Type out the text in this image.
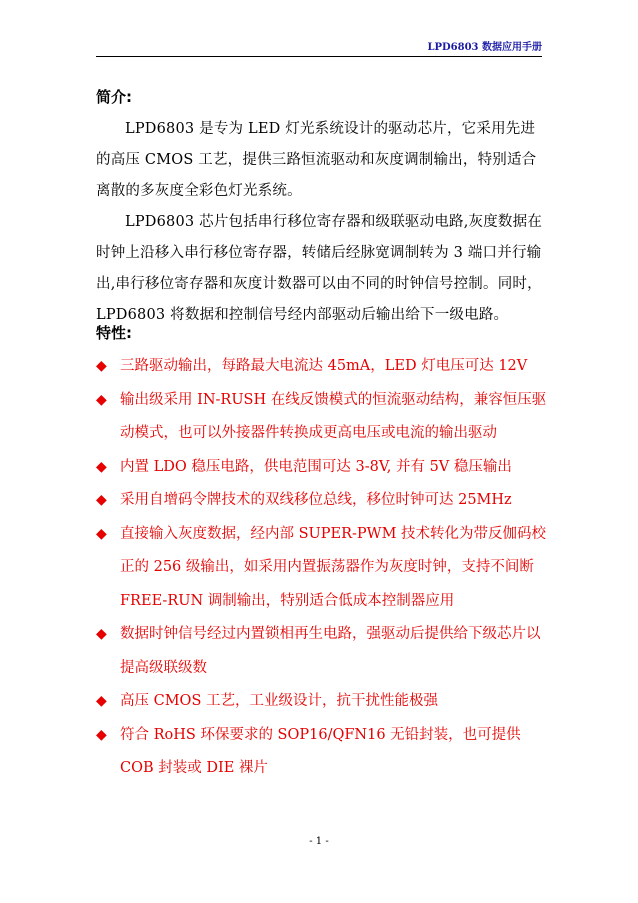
LPD6803 数据应用手册
简介:

LPD6803 是专为 LED 灯光系统设计的驱动芯片，它采用先进的高压 CMOS 工艺，提供三路恒流驱动和灰度调制输出，特别适合离散的多灰度全彩色灯光系统。

LPD6803 芯片包括串行移位寄存器和级联驱动电路,灰度数据在时钟上沿移入串行移位寄存器，转储后经脉宽调制转为 3 端口并行输出,串行移位寄存器和灰度计数器可以由不同的时钟信号控制。同时，LPD6803 将数据和控制信号经内部驱动后输出给下一级电路。

特性:
◆ 三路驱动输出，每路最大电流达 45mA，LED 灯电压可达 12V
◆ 输出级采用 IN-RUSH 在线反馈模式的恒流驱动结构，兼容恒压驱动模式，也可以外接器件转换成更高电压或电流的输出驱动
◆ 内置 LDO 稳压电路，供电范围可达 3-8V, 并有 5V 稳压输出
◆ 采用自增码令牌技术的双线移位总线，移位时钟可达 25MHz
◆ 直接输入灰度数据，经内部 SUPER-PWM 技术转化为带反伽码校正的 256 级输出，如采用内置振荡器作为灰度时钟，支持不间断 FREE-RUN 调制输出，特别适合低成本控制器应用
◆ 数据时钟信号经过内置锁相再生电路，强驱动后提供给下级芯片以提高级联级数
◆ 高压 CMOS 工艺，工业级设计，抗干扰性能极强
◆ 符合 RoHS 环保要求的 SOP16/QFN16 无铅封装，也可提供 COB 封装或 DIE 裸片
- 1 -
